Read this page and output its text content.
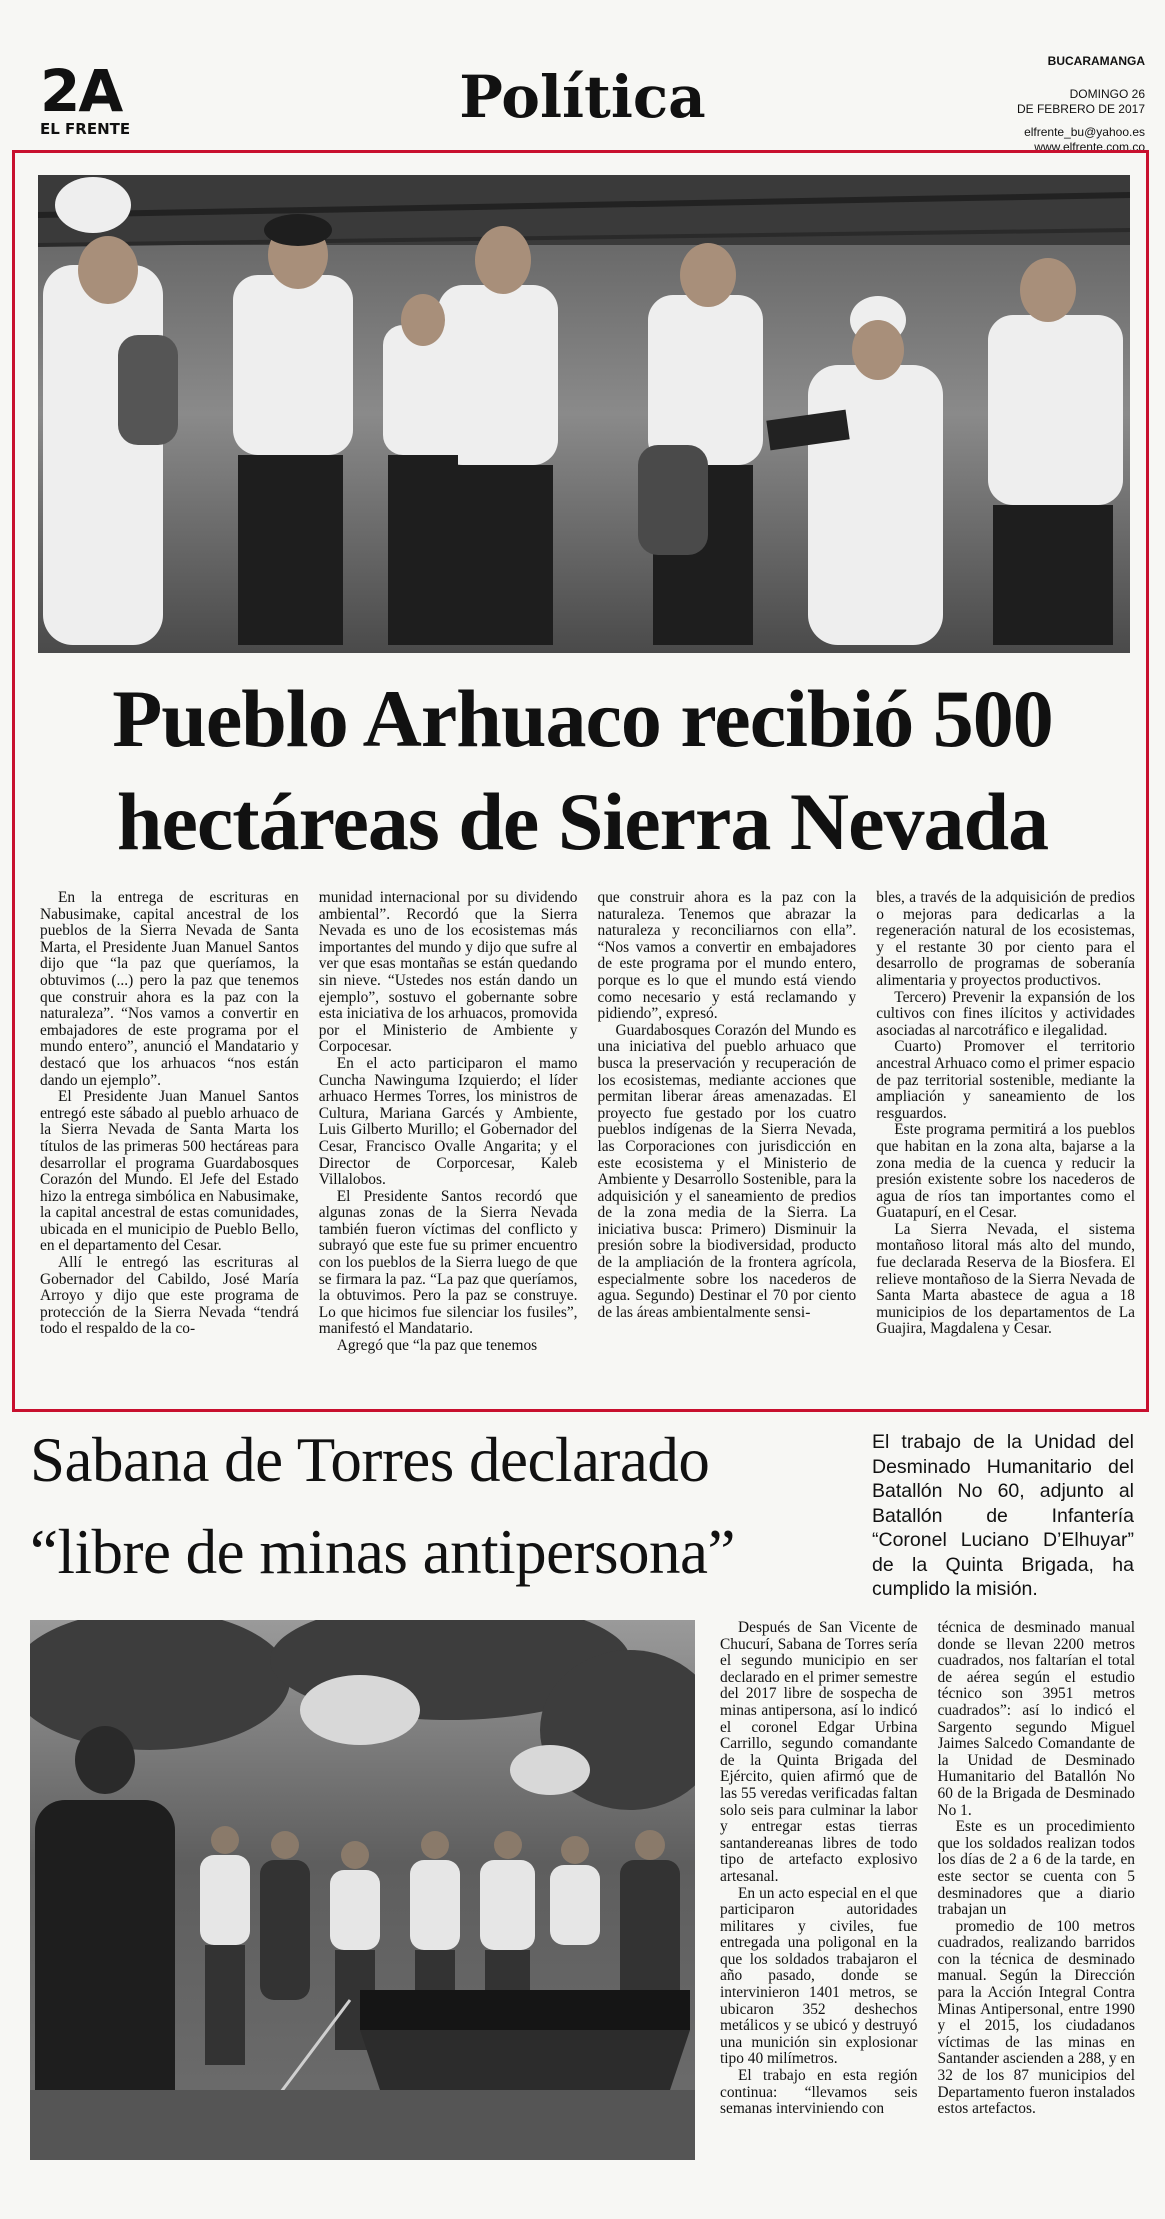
2A
EL FRENTE	Política
BUCARAMANGA
DOMINGO 26
DE FEBRERO DE 2017
elfrente_bu@yahoo.es
www.elfrente.com.co
Pueblo Arhuaco recibió 500
hectáreas de Sierra Nevada

En la entrega de escrituras en Nabusimake, capital ancestral de los pueblos de la Sierra Nevada de Santa Marta, el Presidente Juan Manuel Santos dijo que “la paz que queríamos, la obtuvimos (...) pero la paz que tenemos que construir ahora es la paz con la naturaleza”. “Nos vamos a convertir en embajadores de este programa por el mundo entero”, anunció el Mandatario y destacó que los arhuacos “nos están dando un ejemplo”.

El Presidente Juan Manuel Santos entregó este sábado al pueblo arhuaco de la Sierra Nevada de Santa Marta los títulos de las primeras 500 hectáreas para desarrollar el programa Guardabosques Corazón del Mundo. El Jefe del Estado hizo la entrega simbólica en Nabusimake, la capital ancestral de estas comunidades, ubicada en el municipio de Pueblo Bello, en el departamento del Cesar.

Allí le entregó las escrituras al Gobernador del Cabildo, José María Arroyo y dijo que este programa de protección de la Sierra Nevada “tendrá todo el respaldo de la co-

munidad internacional por su dividendo ambiental”. Recordó que la Sierra Nevada es uno de los ecosistemas más importantes del mundo y dijo que sufre al ver que esas montañas se están quedando sin nieve. “Ustedes nos están dando un ejemplo”, sostuvo el gobernante sobre esta iniciativa de los arhuacos, promovida por el Ministerio de Ambiente y Corpocesar.

En el acto participaron el mamo Cuncha Nawinguma Izquierdo; el líder arhuaco Hermes Torres, los ministros de Cultura, Mariana Garcés y Ambiente, Luis Gilberto Murillo; el Gobernador del Cesar, Francisco Ovalle Angarita; y el Director de Corporcesar, Kaleb Villalobos.

El Presidente Santos recordó que algunas zonas de la Sierra Nevada también fueron víctimas del conflicto y subrayó que este fue su primer encuentro con los pueblos de la Sierra luego de que se firmara la paz. “La paz que queríamos, la obtuvimos. Pero la paz se construye. Lo que hicimos fue silenciar los fusiles”, manifestó el Mandatario.

Agregó que “la paz que tenemos

que construir ahora es la paz con la naturaleza. Tenemos que abrazar la naturaleza y reconciliarnos con ella”. “Nos vamos a convertir en embajadores de este programa por el mundo entero, porque es lo que el mundo está viendo como necesario y está reclamando y pidiendo”, expresó.

Guardabosques Corazón del Mundo es una iniciativa del pueblo arhuaco que busca la preservación y recuperación de los ecosistemas, mediante acciones que permitan liberar áreas amenazadas. El proyecto fue gestado por los cuatro pueblos indígenas de la Sierra Nevada, las Corporaciones con jurisdicción en este ecosistema y el Ministerio de Ambiente y Desarrollo Sostenible, para la adquisición y el saneamiento de predios de la zona media de la Sierra. La iniciativa busca: Primero) Disminuir la presión sobre la biodiversidad, producto de la ampliación de la frontera agrícola, especialmente sobre los nacederos de agua. Segundo) Destinar el 70 por ciento de las áreas ambientalmente sensi-

bles, a través de la adquisición de predios o mejoras para dedicarlas a la regeneración natural de los ecosistemas, y el restante 30 por ciento para el desarrollo de programas de soberanía alimentaria y proyectos productivos.

Tercero) Prevenir la expansión de los cultivos con fines ilícitos y actividades asociadas al narcotráfico e ilegalidad.

Cuarto) Promover el territorio ancestral Arhuaco como el primer espacio de paz territorial sostenible, mediante la ampliación y saneamiento de los resguardos.

Este programa permitirá a los pueblos que habitan en la zona alta, bajarse a la zona media de la cuenca y reducir la presión existente sobre los nacederos de agua de ríos tan importantes como el Guatapurí, en el Cesar.

La Sierra Nevada, el sistema montañoso litoral más alto del mundo, fue declarada Reserva de la Biosfera. El relieve montañoso de la Sierra Nevada de Santa Marta abastece de agua a 18 municipios de los departamentos de La Guajira, Magdalena y Cesar.

Sabana de Torres declarado
“libre de minas antipersona”
El trabajo de la Unidad del Desminado Humanitario del Batallón No 60, adjunto al Batallón de Infantería “Coronel Luciano D’Elhuyar” de la Quinta Brigada, ha cumplido la misión.

Después de San Vicente de Chucurí, Sabana de Torres sería el segundo municipio en ser declarado en el primer semestre del 2017 libre de sospecha de minas antipersona, así lo indicó el coronel Edgar Urbina Carrillo, segundo comandante de la Quinta Brigada del Ejército, quien afirmó que de las 55 veredas verificadas faltan solo seis para culminar la labor y entregar estas tierras santandereanas libres de todo tipo de artefacto explosivo artesanal.

En un acto especial en el que participaron autoridades militares y civiles, fue entregada una poligonal en la que los soldados trabajaron el año pasado, donde se intervinieron 1401 metros, se ubicaron 352 deshechos metálicos y se ubicó y destruyó una munición sin explosionar tipo 40 milímetros.

El trabajo en esta región continua: “llevamos seis semanas interviniendo con

técnica de desminado manual donde se llevan 2200 metros cuadrados, nos faltarían el total de aérea según el estudio técnico son 3951 metros cuadrados”: así lo indicó el Sargento segundo Miguel Jaimes Salcedo Comandante de la Unidad de Desminado Humanitario del Batallón No 60 de la Brigada de Desminado No 1.

Este es un procedimiento que los soldados realizan todos los días de 2 a 6 de la tarde, en este sector se cuenta con 5 desminadores que a diario trabajan un

promedio de 100 metros cuadrados, realizando barridos con la técnica de desminado manual. Según la Dirección para la Acción Integral Contra Minas Antipersonal, entre 1990 y el 2015, los ciudadanos víctimas de las minas en Santander ascienden a 288, y en 32 de los 87 municipios del Departamento fueron instalados estos artefactos.
